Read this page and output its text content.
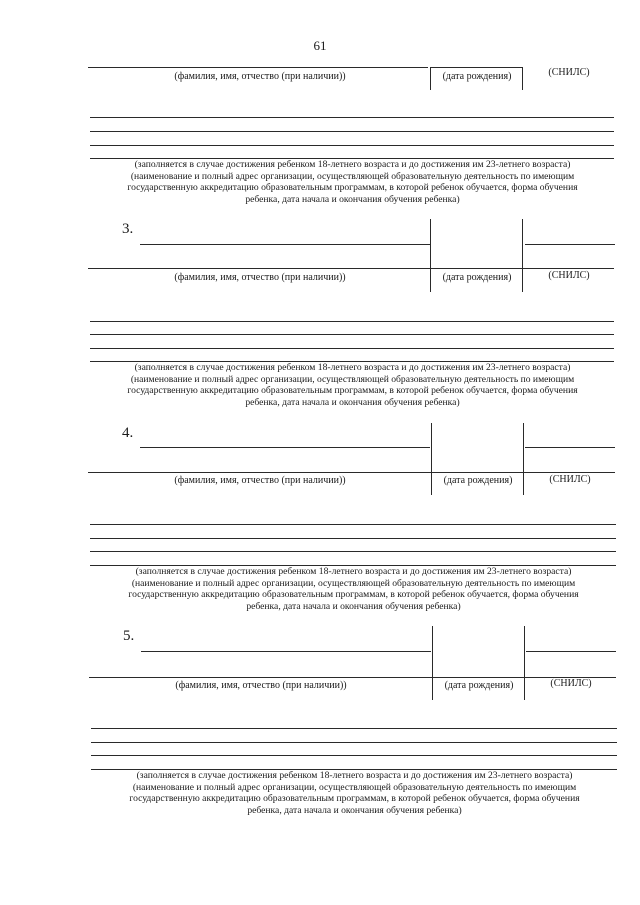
61
(фамилия, имя, отчество (при наличии))	(дата рождения)	(СНИЛС)
(заполняется в случае достижения ребенком 18-летнего возраста и до достижения им 23-летнего возраста)
(наименование и полный адрес организации, осуществляющей образовательную деятельность по имеющим
государственную аккредитацию образовательным программам, в которой ребенок обучается, форма обучения
ребенка, дата начала и окончания обучения ребенка)
3.
(фамилия, имя, отчество (при наличии))	(дата рождения)	(СНИЛС)
(заполняется в случае достижения ребенком 18-летнего возраста и до достижения им 23-летнего возраста)
(наименование и полный адрес организации, осуществляющей образовательную деятельность по имеющим
государственную аккредитацию образовательным программам, в которой ребенок обучается, форма обучения
ребенка, дата начала и окончания обучения ребенка)
4.
(фамилия, имя, отчество (при наличии))	(дата рождения)	(СНИЛС)
(заполняется в случае достижения ребенком 18-летнего возраста и до достижения им 23-летнего возраста)
(наименование и полный адрес организации, осуществляющей образовательную деятельность по имеющим
государственную аккредитацию образовательным программам, в которой ребенок обучается, форма обучения
ребенка, дата начала и окончания обучения ребенка)
5.
(фамилия, имя, отчество (при наличии))	(дата рождения)	(СНИЛС)
(заполняется в случае достижения ребенком 18-летнего возраста и до достижения им 23-летнего возраста)
(наименование и полный адрес организации, осуществляющей образовательную деятельность по имеющим
государственную аккредитацию образовательным программам, в которой ребенок обучается, форма обучения
ребенка, дата начала и окончания обучения ребенка)
